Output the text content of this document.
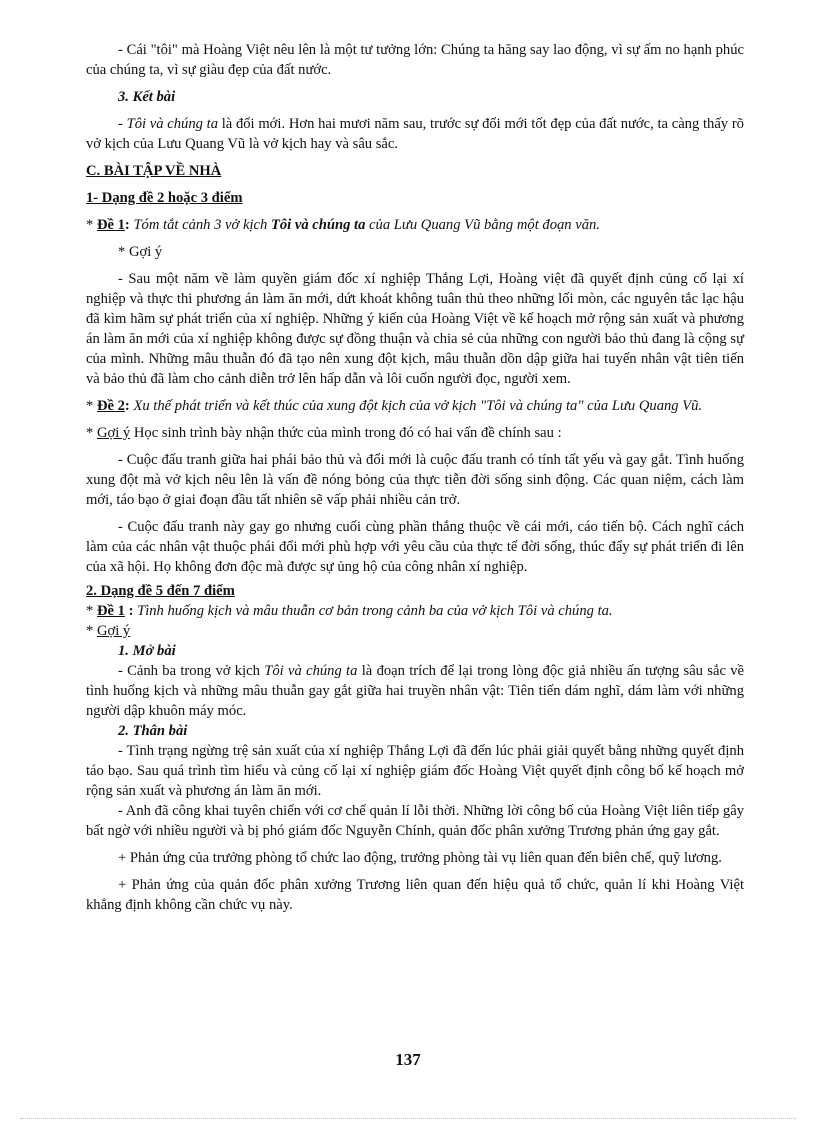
- Cái "tôi" mà Hoàng Việt nêu lên là một tư tưởng lớn: Chúng ta hăng say lao động, vì sự ấm no hạnh phúc của chúng ta, vì sự giàu đẹp của đất nước.

3. Kết bài

- Tôi và chúng ta là đổi mới. Hơn hai mươi năm sau, trước sự đổi mới tốt đẹp của đất nước, ta càng thấy rõ vở kịch của Lưu Quang Vũ là vở kịch hay và sâu sắc.

C. BÀI TẬP VỀ NHÀ

1- Dạng đề 2 hoặc 3 điểm

* Đề 1: Tóm tắt cảnh 3 vở kịch Tôi và chúng ta của Lưu Quang Vũ bằng một đoạn văn.

* Gợi ý

- Sau một năm về làm quyền giám đốc xí nghiệp Thắng Lợi, Hoàng việt đã quyết định củng cố lại xí nghiệp và thực thi phương án làm ăn mới, dứt khoát không tuân thủ theo những lối mòn, các nguyên tắc lạc hậu đã kìm hãm sự phát triển của xí nghiệp. Những ý kiến của Hoàng Việt về kế hoạch mở rộng sản xuất và phương án làm ăn mới của xí nghiệp không được sự đồng thuận và chia sẻ của những con người bảo thủ đang là cộng sự của mình. Những mâu thuẫn đó đã tạo nên xung đột kịch, mâu thuẫn dồn dập giữa hai tuyến nhân vật tiên tiến và bảo thủ đã làm cho cảnh diễn trở lên hấp dẫn và lôi cuốn người đọc, người xem.

* Đề 2: Xu thế phát triển và kết thúc của xung đột kịch của vở kịch "Tôi và chúng ta" của Lưu Quang Vũ.

* Gợi ý Học sinh trình bày nhận thức của mình trong đó có hai vấn đề chính sau :

- Cuộc đấu tranh giữa hai phái bảo thủ và đổi mới là cuộc đấu tranh có tính tất yếu và gay gắt. Tình huống xung đột mà vở kịch nêu lên là vấn đề nóng bỏng của thực tiễn đời sống sinh động. Các quan niệm, cách làm mới, táo bạo ở giai đoạn đầu tất nhiên sẽ vấp phải nhiều cản trở.

- Cuộc đấu tranh này gay go nhưng cuối cùng phần thắng thuộc về cái mới, cáo tiến bộ. Cách nghĩ cách làm của các nhân vật thuộc phái đổi mới phù hợp với yêu cầu của thực tế đời sống, thúc đẩy sự phát triển đi lên của xã hội. Họ không đơn độc mà được sự ủng hộ của công nhân xí nghiệp.

2. Dạng đề 5 đến 7 điểm

* Đề 1 : Tình huống kịch và mâu thuẫn cơ bản trong cảnh ba của vở kịch Tôi và chúng ta.

* Gợi ý

1. Mở bài

- Cảnh ba trong vở kịch Tôi và chúng ta là đoạn trích để lại trong lòng độc giả nhiều ấn tượng sâu sắc về tình huống kịch và những mâu thuẫn gay gắt giữa hai truyền nhân vật: Tiên tiến dám nghĩ, dám làm với những người dập khuôn máy móc.

2. Thân bài

- Tình trạng ngừng trệ sản xuất của xí nghiệp Thắng Lợi đã đến lúc phải giải quyết bằng những quyết định táo bạo. Sau quá trình tìm hiểu và củng cố lại xí nghiệp giám đốc Hoàng Việt quyết định công bố kế hoạch mở rộng sản xuất và phương án làm ăn mới.

- Anh đã công khai tuyên chiến với cơ chế quản lí lỗi thời. Những lời công bố của Hoàng Việt liên tiếp gây bất ngờ với nhiều người và bị phó giám đốc Nguyễn Chính, quản đốc phân xưởng Trương phản ứng gay gắt.

+ Phản ứng của trưởng phòng tổ chức lao động, trưởng phòng tài vụ liên quan đến biên chế, quỹ lương.

+ Phản ứng của quản đốc phân xưởng Trương liên quan đến hiệu quả tổ chức, quản lí khi Hoàng Việt khẳng định không cần chức vụ này.

137
